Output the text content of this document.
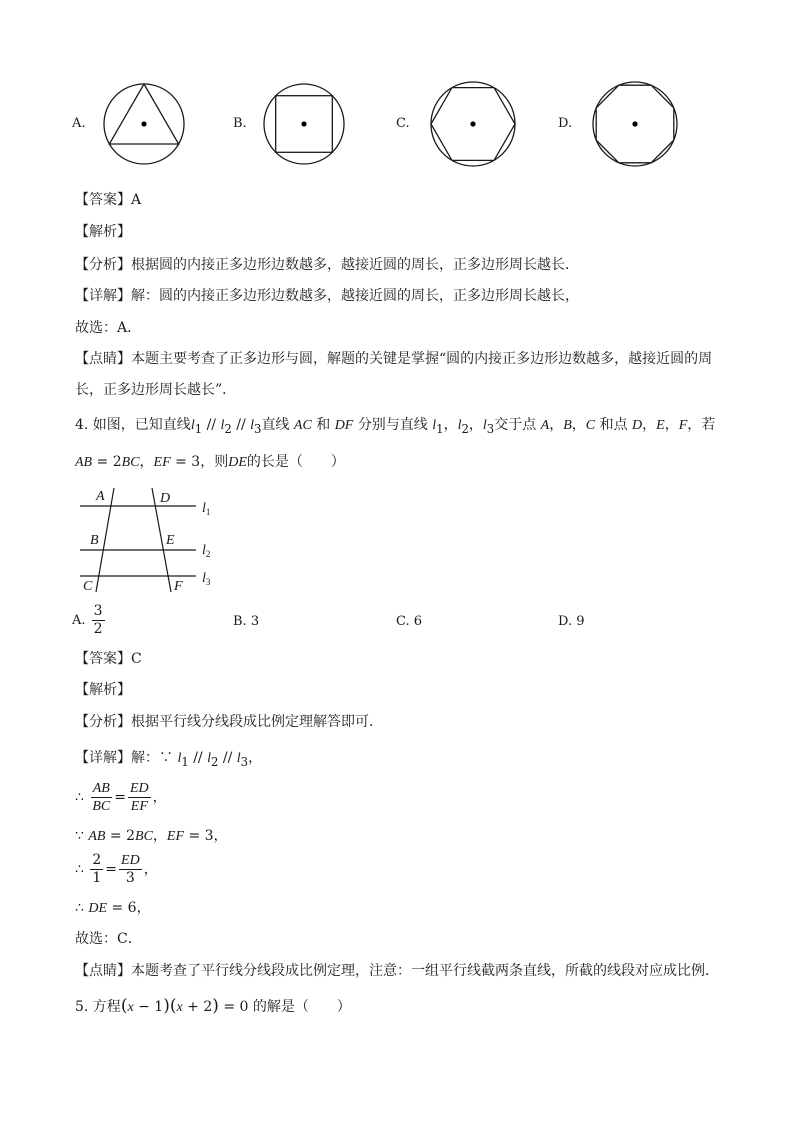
A.	B.	C.	D.
【答案】A
【解析】
【分析】根据圆的内接正多边形边数越多，越接近圆的周长，正多边形周长越长．
【详解】解：圆的内接正多边形边数越多，越接近圆的周长，正多边形周长越长，
故选：A．
【点睛】本题主要考查了正多边形与圆，解题的关键是掌握“圆的内接正多边形边数越多，越接近圆的周
长，正多边形周长越长”．
4. 如图，已知直线$l_1 // l_2 // l_3$直线 AC 和 DF 分别与直线 $l_1$，$l_2$，$l_3$交于点 A，B，C 和点 D，E，F，若
AB = 2BC，EF = 3，则DE的长是（　　）
A	D
B	E
C	F
$l_1$
$l_2$
$l_3$
A. $\frac{3}{2}$	B. 3	C. 6	D. 9
【答案】C
【解析】
【分析】根据平行线分线段成比例定理解答即可．
【详解】解：∵ $l_1 // l_2 // l_3$，
∴ $\frac{AB}{BC} = \frac{ED}{EF}$ ，
∵ AB = 2BC，EF = 3，
∴ $\frac{2}{1} = \frac{ED}{3}$ ，
∴ DE = 6，
故选：C．
【点睛】本题考查了平行线分线段成比例定理，注意：一组平行线截两条直线，所截的线段对应成比例．
5. 方程(x − 1)(x + 2) = 0 的解是（　　）
